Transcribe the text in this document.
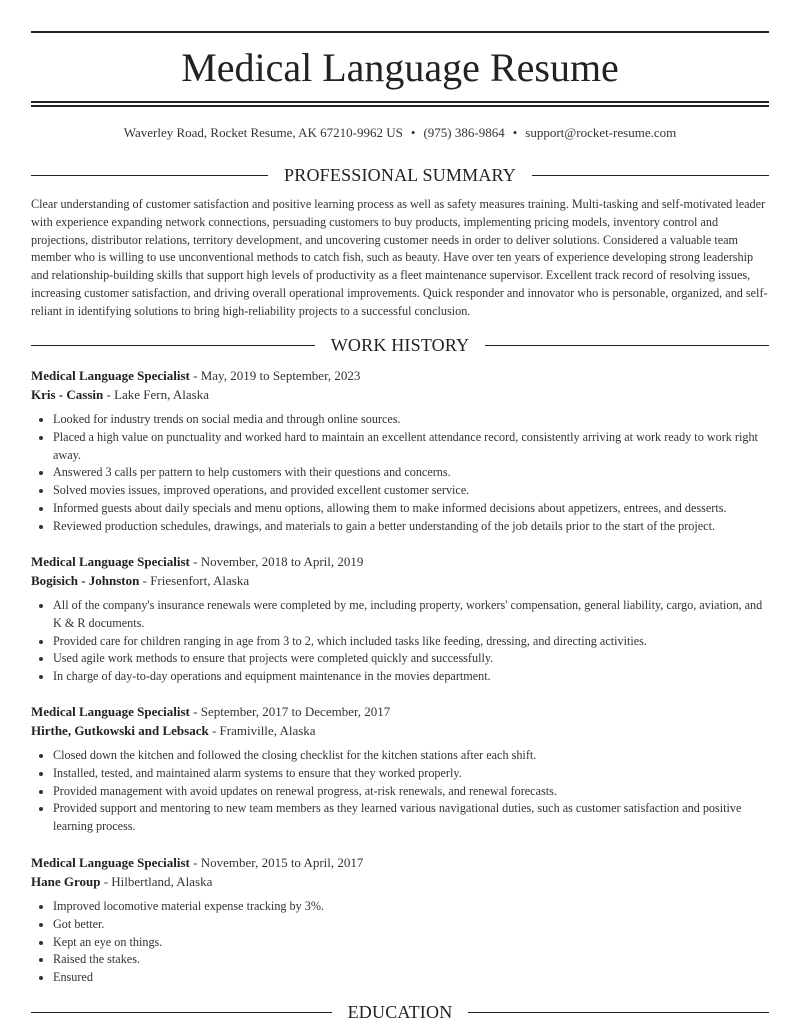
Medical Language Resume
Waverley Road, Rocket Resume, AK 67210-9962 US • (975) 386-9864 • support@rocket-resume.com
PROFESSIONAL SUMMARY

Clear understanding of customer satisfaction and positive learning process as well as safety measures training. Multi-tasking and self-motivated leader with experience expanding network connections, persuading customers to buy products, implementing pricing models, inventory control and projections, distributor relations, territory development, and uncovering customer needs in order to deliver solutions. Considered a valuable team member who is willing to use unconventional methods to catch fish, such as beauty. Have over ten years of experience developing strong leadership and relationship-building skills that support high levels of productivity as a fleet maintenance supervisor. Excellent track record of resolving issues, increasing customer satisfaction, and driving overall operational improvements. Quick responder and innovator who is personable, organized, and self-reliant in identifying solutions to bring high-reliability projects to a successful conclusion.

WORK HISTORY
Medical Language Specialist - May, 2019 to September, 2023
Kris - Cassin - Lake Fern, Alaska
• Looked for industry trends on social media and through online sources.
• Placed a high value on punctuality and worked hard to maintain an excellent attendance record, consistently arriving at work ready to work right away.
• Answered 3 calls per pattern to help customers with their questions and concerns.
• Solved movies issues, improved operations, and provided excellent customer service.
• Informed guests about daily specials and menu options, allowing them to make informed decisions about appetizers, entrees, and desserts.
• Reviewed production schedules, drawings, and materials to gain a better understanding of the job details prior to the start of the project.
Medical Language Specialist - November, 2018 to April, 2019
Bogisich - Johnston - Friesenfort, Alaska
• All of the company's insurance renewals were completed by me, including property, workers' compensation, general liability, cargo, aviation, and K & R documents.
• Provided care for children ranging in age from 3 to 2, which included tasks like feeding, dressing, and directing activities.
• Used agile work methods to ensure that projects were completed quickly and successfully.
• In charge of day-to-day operations and equipment maintenance in the movies department.
Medical Language Specialist - September, 2017 to December, 2017
Hirthe, Gutkowski and Lebsack - Framiville, Alaska
• Closed down the kitchen and followed the closing checklist for the kitchen stations after each shift.
• Installed, tested, and maintained alarm systems to ensure that they worked properly.
• Provided management with avoid updates on renewal progress, at-risk renewals, and renewal forecasts.
• Provided support and mentoring to new team members as they learned various navigational duties, such as customer satisfaction and positive learning process.
Medical Language Specialist - November, 2015 to April, 2017
Hane Group - Hilbertland, Alaska
• Improved locomotive material expense tracking by 3%.
• Got better.
• Kept an eye on things.
• Raised the stakes.
• Ensured
EDUCATION
